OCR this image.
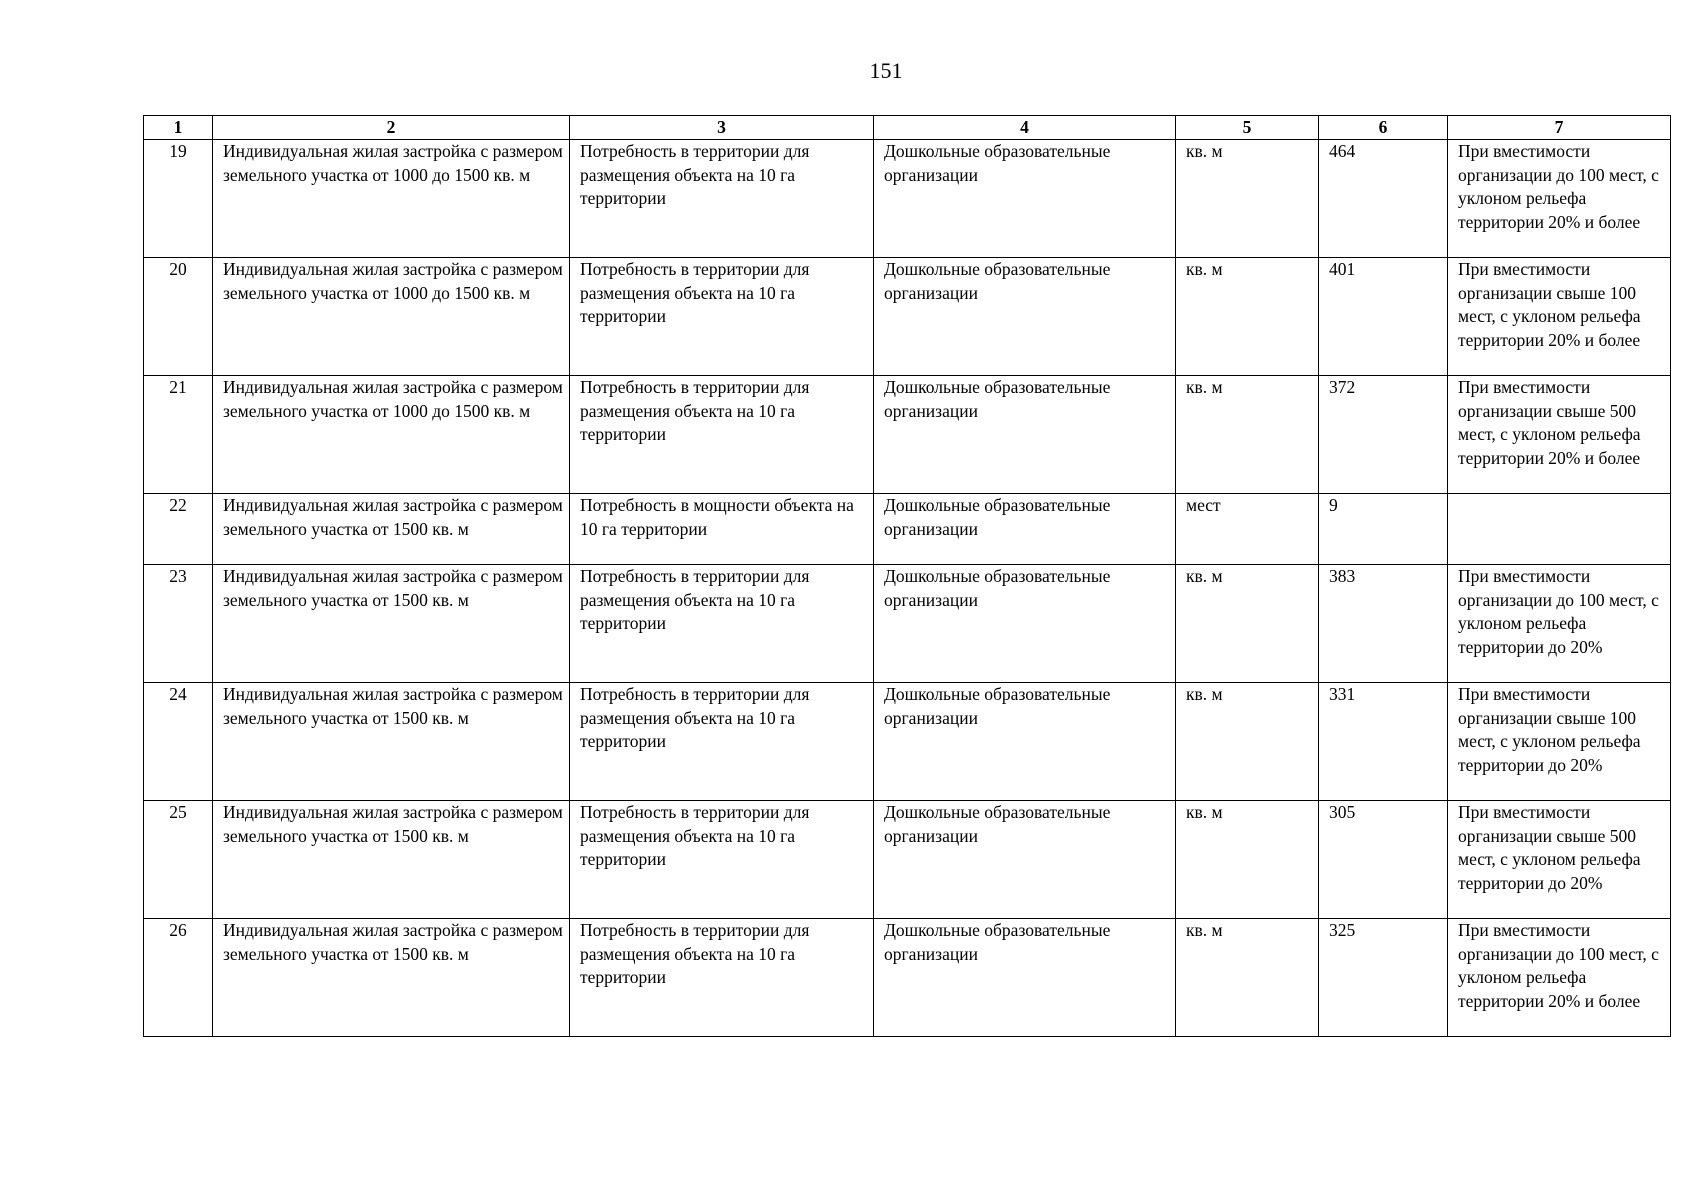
151
1	2	3	4	5	6	7
19	Индивидуальная жилая застройка с размером земельного участка от 1000 до 1500 кв. м	Потребность в территории для размещения объекта на 10 га территории	Дошкольные образовательные организации	кв. м	464	При вместимости организации до 100 мест, с уклоном рельефа территории 20% и более
20	Индивидуальная жилая застройка с размером земельного участка от 1000 до 1500 кв. м	Потребность в территории для размещения объекта на 10 га территории	Дошкольные образовательные организации	кв. м	401	При вместимости организации свыше 100 мест, с уклоном рельефа территории 20% и более
21	Индивидуальная жилая застройка с размером земельного участка от 1000 до 1500 кв. м	Потребность в территории для размещения объекта на 10 га территории	Дошкольные образовательные организации	кв. м	372	При вместимости организации свыше 500 мест, с уклоном рельефа территории 20% и более
22	Индивидуальная жилая застройка с размером земельного участка от 1500 кв. м	Потребность в мощности объекта на 10 га территории	Дошкольные образовательные организации	мест	9	
23	Индивидуальная жилая застройка с размером земельного участка от 1500 кв. м	Потребность в территории для размещения объекта на 10 га территории	Дошкольные образовательные организации	кв. м	383	При вместимости организации до 100 мест, с уклоном рельефа территории до 20%
24	Индивидуальная жилая застройка с размером земельного участка от 1500 кв. м	Потребность в территории для размещения объекта на 10 га территории	Дошкольные образовательные организации	кв. м	331	При вместимости организации свыше 100 мест, с уклоном рельефа территории до 20%
25	Индивидуальная жилая застройка с размером земельного участка от 1500 кв. м	Потребность в территории для размещения объекта на 10 га территории	Дошкольные образовательные организации	кв. м	305	При вместимости организации свыше 500 мест, с уклоном рельефа территории до 20%
26	Индивидуальная жилая застройка с размером земельного участка от 1500 кв. м	Потребность в территории для размещения объекта на 10 га территории	Дошкольные образовательные организации	кв. м	325	При вместимости организации до 100 мест, с уклоном рельефа территории 20% и более
